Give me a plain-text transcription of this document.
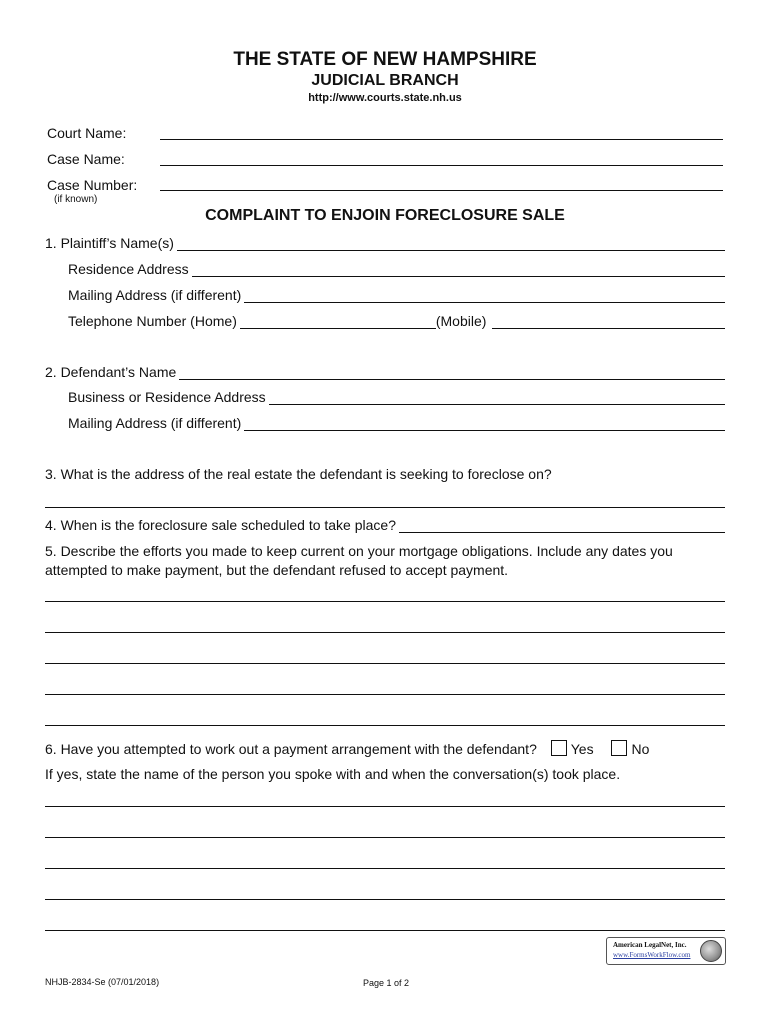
THE STATE OF NEW HAMPSHIRE
JUDICIAL BRANCH
http://www.courts.state.nh.us
Court Name:
Case Name:
Case Number:
(if known)
COMPLAINT TO ENJOIN FORECLOSURE SALE
1. Plaintiff’s Name(s)
Residence Address
Mailing Address (if different)
Telephone Number (Home)	(Mobile)
2. Defendant’s Name
Business or Residence Address
Mailing Address (if different)
3. What is the address of the real estate the defendant is seeking to foreclose on?
4. When is the foreclosure sale scheduled to take place?
5. Describe the efforts you made to keep current on your mortgage obligations. Include any dates you
attempted to make payment, but the defendant refused to accept payment.
6. Have you attempted to work out a payment arrangement with the defendant? Yes	No
If yes, state the name of the person you spoke with and when the conversation(s) took place.
American LegalNet, Inc.
www.FormsWorkFlow.com
NHJB-2834-Se (07/01/2018)	Page 1 of 2
